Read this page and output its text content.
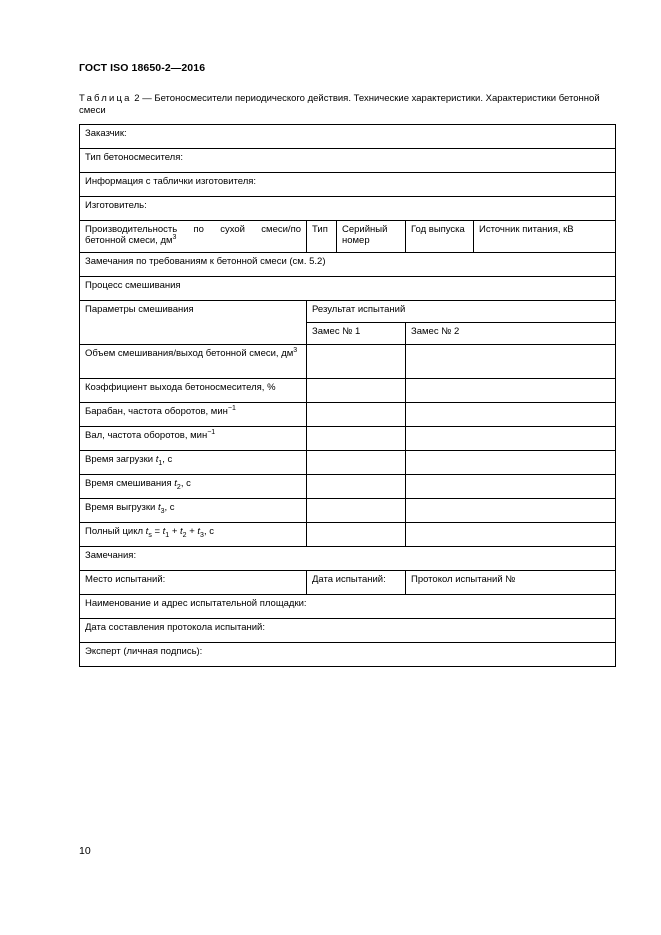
ГОСТ ISO 18650-2—2016
Таблица 2 — Бетоносмесители периодического действия. Технические характеристики. Характеристики бетонной смеси
Заказчик:				
Тип бетоносмесителя:				
Информация с таблички изготовителя:				
Изготовитель:				
Производительность по сухой смеси/по бетонной смеси, $дм^3$	Тип	Серийный номер	Год выпуска	Источник питания, кВ
Замечания по требованиям к бетонной смеси (см. 5.2)				
Процесс смешивания				
Параметры смешивания	Результат испытаний			
	Замес № 1		Замес № 2	
Объем смешивания/выход бетонной смеси, $дм^3$		
Коэффициент выхода бетоносмесителя, %				
Барабан, частота оборотов, мин$^{-1}$		
Вал, частота оборотов, мин$^{-1}$		
Время загрузки $t_1$, с				
Время смешивания $t_2$, с				
Время выгрузки $t_3$, с				
Полный цикл $t_s = t_1 + t_2 + t_3$, с				
Замечания:				
Место испытаний:	Дата испытаний:		Протокол испытаний №	
Наименование и адрес испытательной площадки:				
Дата составления протокола испытаний:				
Эксперт (личная подпись):				
10
